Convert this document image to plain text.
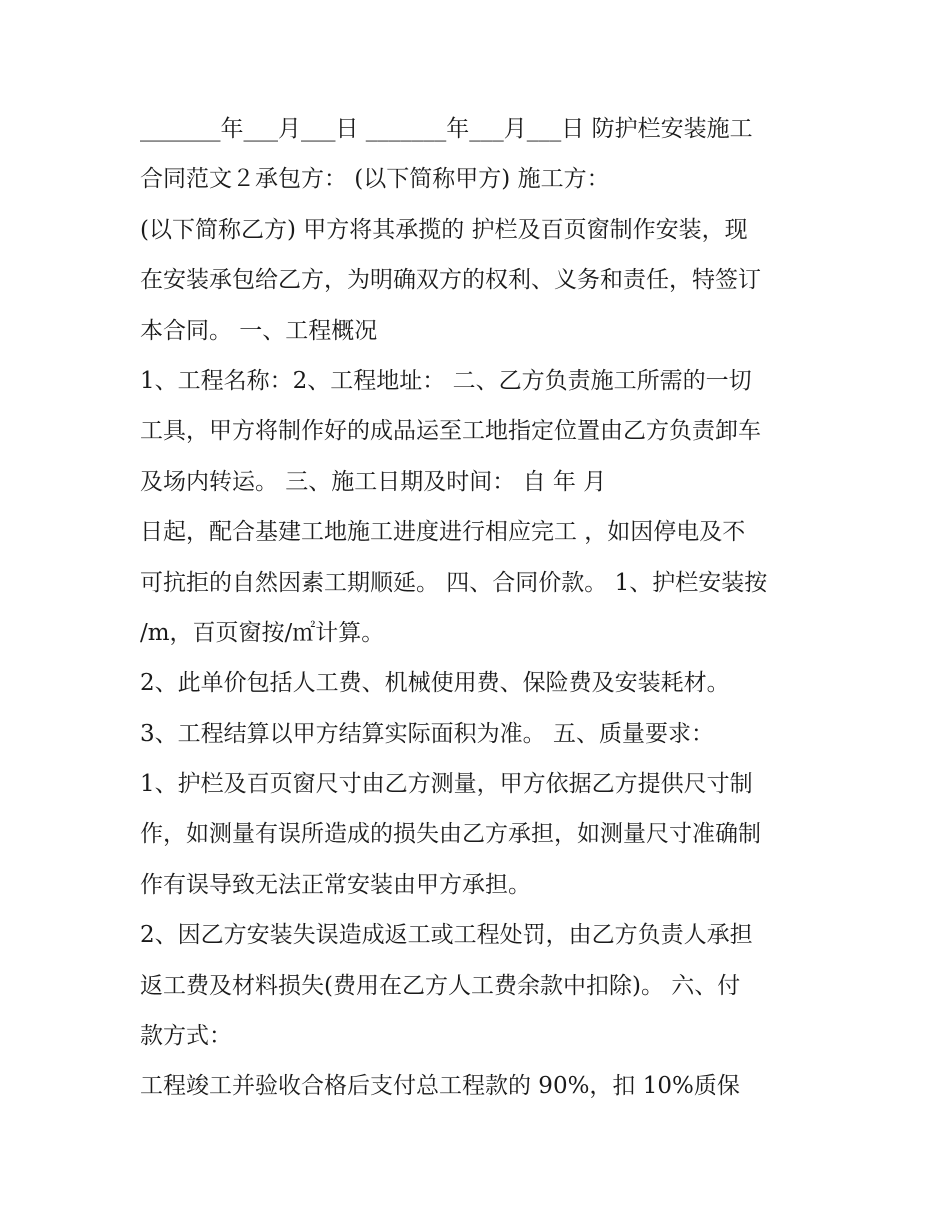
_______年___月___日 _______年___月___日 防护栏安装施工
合同范文２承包方： (以下简称甲方) 施工方：
(以下简称乙方) 甲方将其承揽的 护栏及百页窗制作安装，现
在安装承包给乙方，为明确双方的权利、义务和责任，特签订
本合同。 一、工程概况
1、工程名称：2、工程地址： 二、乙方负责施工所需的一切
工具，甲方将制作好的成品运至工地指定位置由乙方负责卸车
及场内转运。 三、施工日期及时间： 自 年 月
日起，配合基建工地施工进度进行相应完工 ，如因停电及不
可抗拒的自然因素工期顺延。 四、合同价款。 1、护栏安装按
/m，百页窗按/㎡计算。
2、此单价包括人工费、机械使用费、保险费及安装耗材。
3、工程结算以甲方结算实际面积为准。 五、质量要求：
1、护栏及百页窗尺寸由乙方测量，甲方依据乙方提供尺寸制
作，如测量有误所造成的损失由乙方承担，如测量尺寸准确制
作有误导致无法正常安装由甲方承担。
2、因乙方安装失误造成返工或工程处罚，由乙方负责人承担
返工费及材料损失(费用在乙方人工费余款中扣除)。 六、付
款方式：
工程竣工并验收合格后支付总工程款的 90%，扣 10%质保
